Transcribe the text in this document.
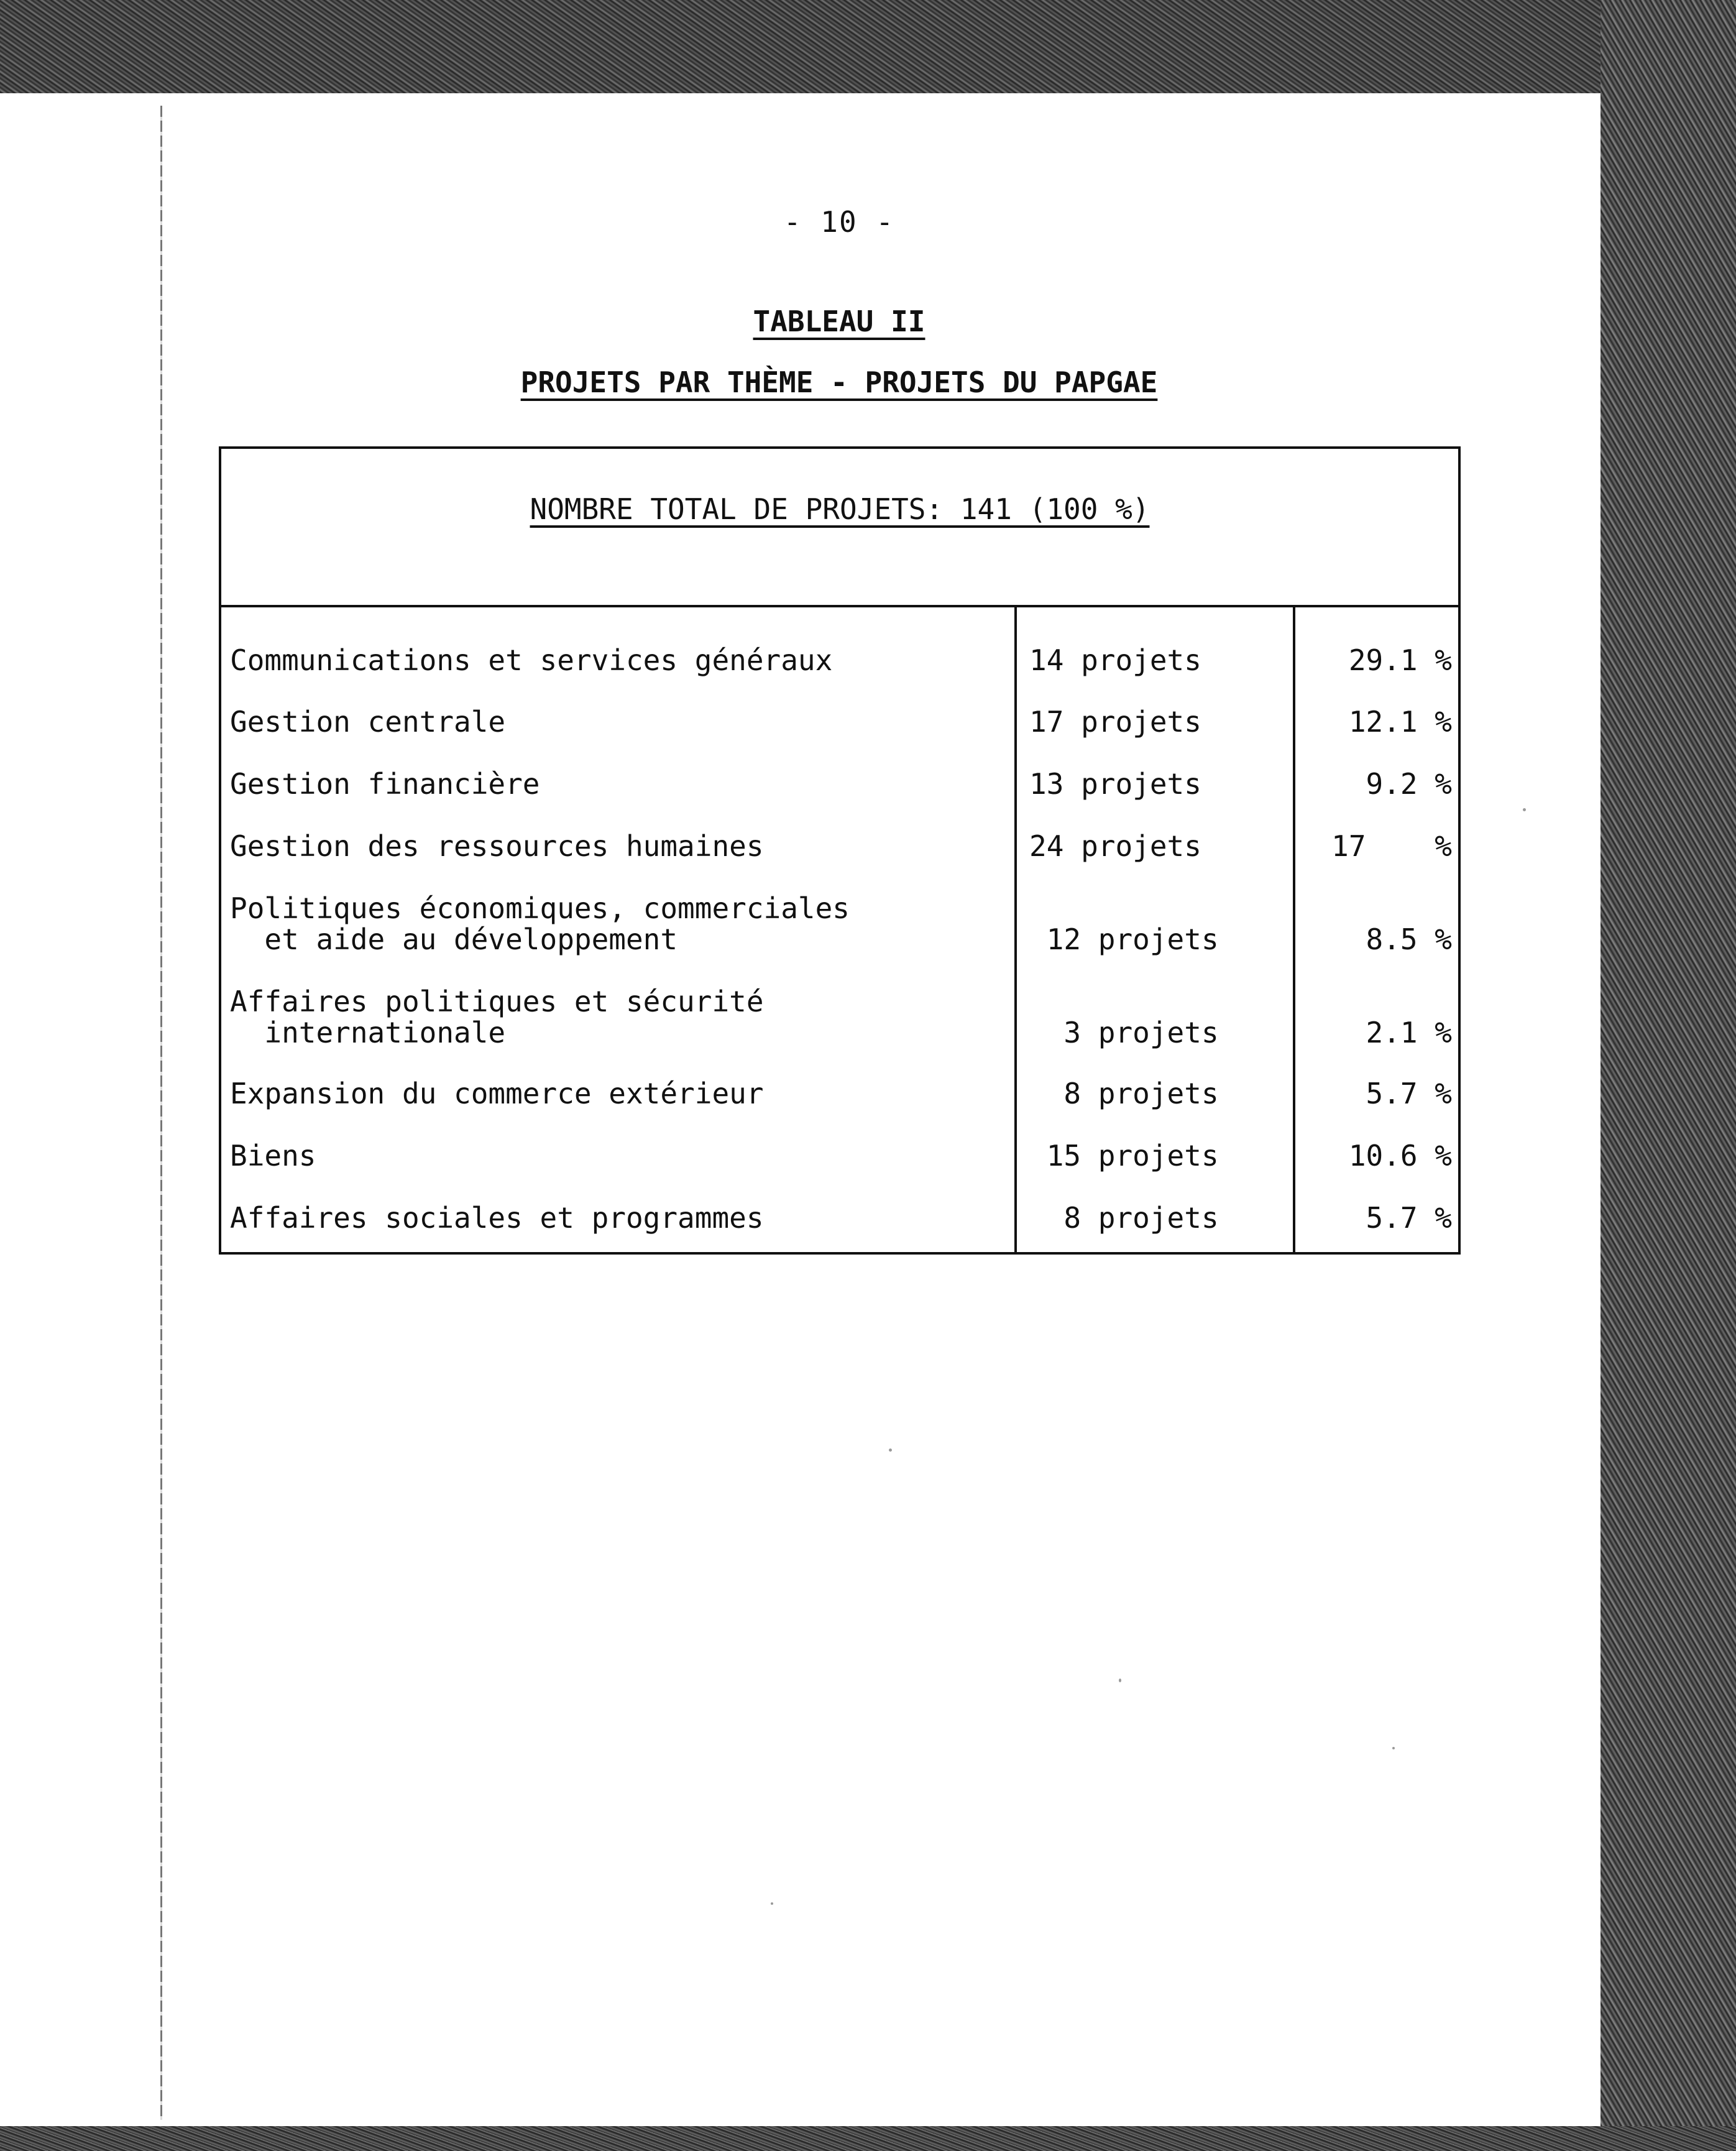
- 10 -
TABLEAU II
PROJETS PAR THÈME - PROJETS DU PAPGAE
NOMBRE TOTAL DE PROJETS: 141 (100 %)
Communications et services généraux	14 projets	29.1 %
Gestion centrale	17 projets	12.1 %
Gestion financière	13 projets	9.2 %
Gestion des ressources humaines	24 projets	17    %
Politiques économiques, commerciales
et aide au développement	12 projets	8.5 %
Affaires politiques et sécurité
internationale	3 projets	2.1 %
Expansion du commerce extérieur	8 projets	5.7 %
Biens	15 projets	10.6 %
Affaires sociales et programmes	8 projets	5.7 %
